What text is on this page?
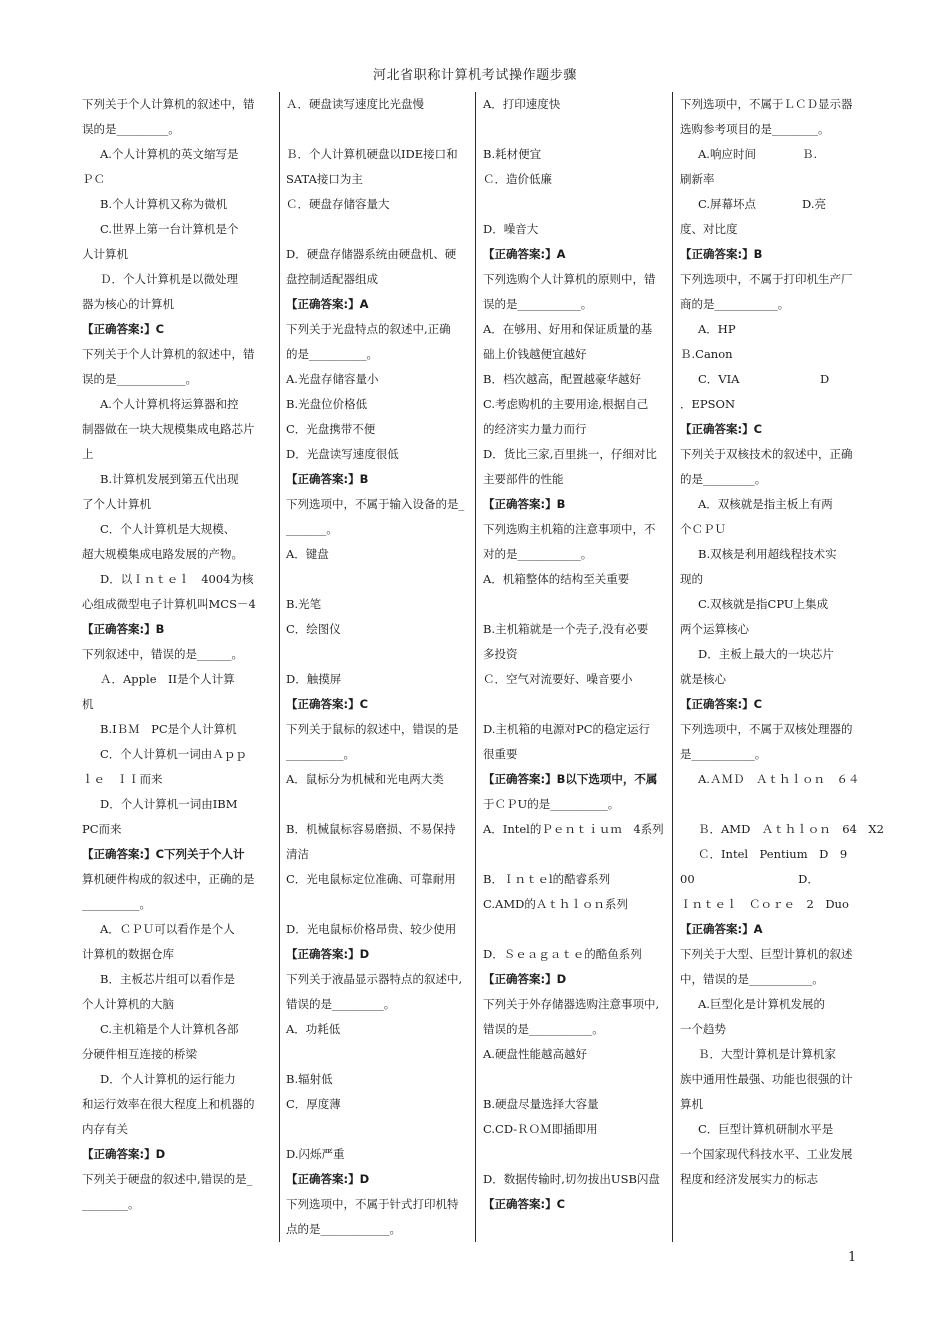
河北省职称计算机考试操作题步骤
下列关于个人计算机的叙述中，错
误的是_________。
A.个人计算机的英文缩写是
ＰＣ
B.个人计算机又称为微机
C.世界上第一台计算机是个
人计算机
Ｄ．个人计算机是以微处理
器为核心的计算机
【正确答案:】C
下列关于个人计算机的叙述中，错
误的是____________。
A.个人计算机将运算器和控
制器做在一块大规模集成电路芯片
上
B.计算机发展到第五代出现
了个人计算机
C．个人计算机是大规模、
超大规模集成电路发展的产物。
D．以Ｉｎｔｅｌ　4004为核
心组成微型电子计算机叫MCS－4
【正确答案:】B
下列叙述中，错误的是______。
Ａ．Apple　II是个人计算
机
B.IＢＭ　PC是个人计算机
C．个人计算机一词由Ａｐｐ
ｌｅ　ＩＩ而来
D．个人计算机一词由IBM
PC而来
【正确答案:】C下列关于个人计
算机硬件构成的叙述中，正确的是
__________。
A．ＣＰＵ可以看作是个人
计算机的数据仓库
B．主板芯片组可以看作是
个人计算机的大脑
C.主机箱是个人计算机各部
分硬件相互连接的桥梁
D．个人计算机的运行能力
和运行效率在很大程度上和机器的
内存有关
【正确答案:】D
下列关于硬盘的叙述中,错误的是_
________。
Ａ．硬盘读写速度比光盘慢
Ｂ．个人计算机硬盘以IDE接口和
SATA接口为主
Ｃ．硬盘存储容量大
D．硬盘存储器系统由硬盘机、硬
盘控制适配器组成
【正确答案:】A
下列关于光盘特点的叙述中,正确
的是__________。
A.光盘存储容量小
B.光盘位价格低
C．光盘携带不便
D．光盘读写速度很低
【正确答案:】B
下列选项中，不属于输入设备的是_
_______。
A．键盘
B.光笔
C．绘图仪
D．触摸屏
【正确答案:】C
下列关于鼠标的叙述中，错误的是
__________。
A．鼠标分为机械和光电两大类
B．机械鼠标容易磨损、不易保持
清洁
C．光电鼠标定位准确、可靠耐用
D．光电鼠标价格昂贵、较少使用
【正确答案:】D
下列关于液晶显示器特点的叙述中,
错误的是_________。
A．功耗低
B.辐射低
C．厚度薄
D.闪烁严重
【正确答案:】D
下列选项中，不属于针式打印机特
点的是____________。
A．打印速度快
B.耗材便宜
Ｃ．造价低廉
D．噪音大
【正确答案:】A
下列选购个人计算机的原则中，错
误的是___________。
A．在够用、好用和保证质量的基
础上价钱越便宜越好
B．档次越高，配置越豪华越好
C.考虑购机的主要用途,根据自己
的经济实力量力而行
D．货比三家,百里挑一，仔细对比
主要部件的性能
【正确答案:】B
下列选购主机箱的注意事项中，不
对的是___________。
A．机箱整体的结构至关重要
B.主机箱就是一个壳子,没有必要
多投资
Ｃ．空气对流要好、噪音要小
D.主机箱的电源对PC的稳定运行
很重要
【正确答案:】B以下选项中，不属
于ＣＰU的是__________。
A．Intel的Ｐｅｎｔｉｕｍ　4系列
B．Ｉｎｔｅl的酷睿系列
C.AMD的Ａｔｈｌｏｎ系列
D．Ｓｅａｇａｔｅ的酷鱼系列
【正确答案:】D
下列关于外存储器选购注意事项中,
错误的是___________。
A.硬盘性能越高越好
B.硬盘尽量选择大容量
C.CD-ＲＯＭ即插即用
D．数据传输时,切勿拔出USB闪盘
【正确答案:】C
下列选项中，不属于ＬＣＤ显示器
选购参考项目的是________。
A.响应时间　　　　Ｂ.
刷新率
C.屏幕坏点　　　　D.亮
度、对比度
【正确答案:】B
下列选项中，不属于打印机生产厂
商的是___________。
A．HP
Ｂ.Canon
C．VIA　　　　　　　D
．EPSON
【正确答案:】C
下列关于双核技术的叙述中，正确
的是_________。
A．双核就是指主板上有两
个ＣＰＵ
B.双核是利用超线程技术实
现的
C.双核就是指CPU上集成
两个运算核心
D．主板上最大的一块芯片
就是核心
【正确答案:】C
下列选项中，不属于双核处理器的
是___________。
A.ＡＭＤ　Ａｔｈｌｏｎ　６４
Ｂ．AMD　Ａｔｈｌｏｎ　64　X2
Ｃ．Intel　Pentium　D　9
00　　　　　　　　　D．
Ｉｎｔｅｌ　Ｃｏｒｅ　2　Duo
【正确答案:】A
下列关于大型、巨型计算机的叙述
中，错误的是___________。
A.巨型化是计算机发展的
一个趋势
Ｂ．大型计算机是计算机家
族中通用性最强、功能也很强的计
算机
C．巨型计算机研制水平是
一个国家现代科技水平、工业发展
程度和经济发展实力的标志
1
